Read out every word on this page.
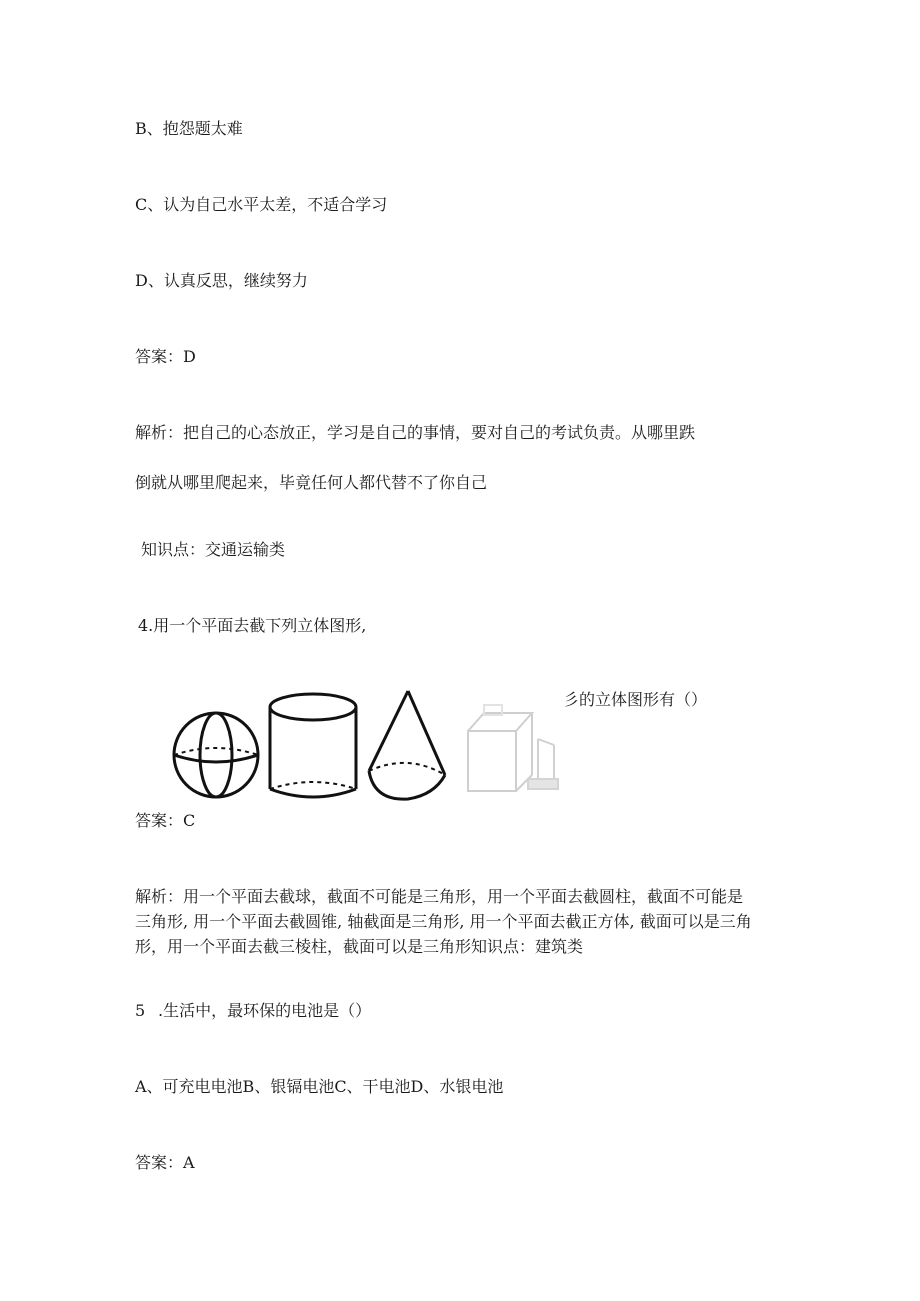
B、抱怨题太难
C、认为自己水平太差，不适合学习
D、认真反思，继续努力
答案：D
解析：把自己的心态放正，学习是自己的事情，要对自己的考试负责。从哪里跌
倒就从哪里爬起来，毕竟任何人都代替不了你自己
知识点：交通运输类
4.用一个平面去截下列立体图形,
彡的立体图形有（）
答案：C
解析：用一个平面去截球，截面不可能是三角形，用一个平面去截圆柱，截面不可能是
三角形, 用一个平面去截圆锥, 轴截面是三角形, 用一个平面去截正方体, 截面可以是三角
形，用一个平面去截三棱柱，截面可以是三角形知识点：建筑类
5 .生活中，最环保的电池是（）
A、可充电电池B、银镉电池C、干电池D、水银电池
答案：A
